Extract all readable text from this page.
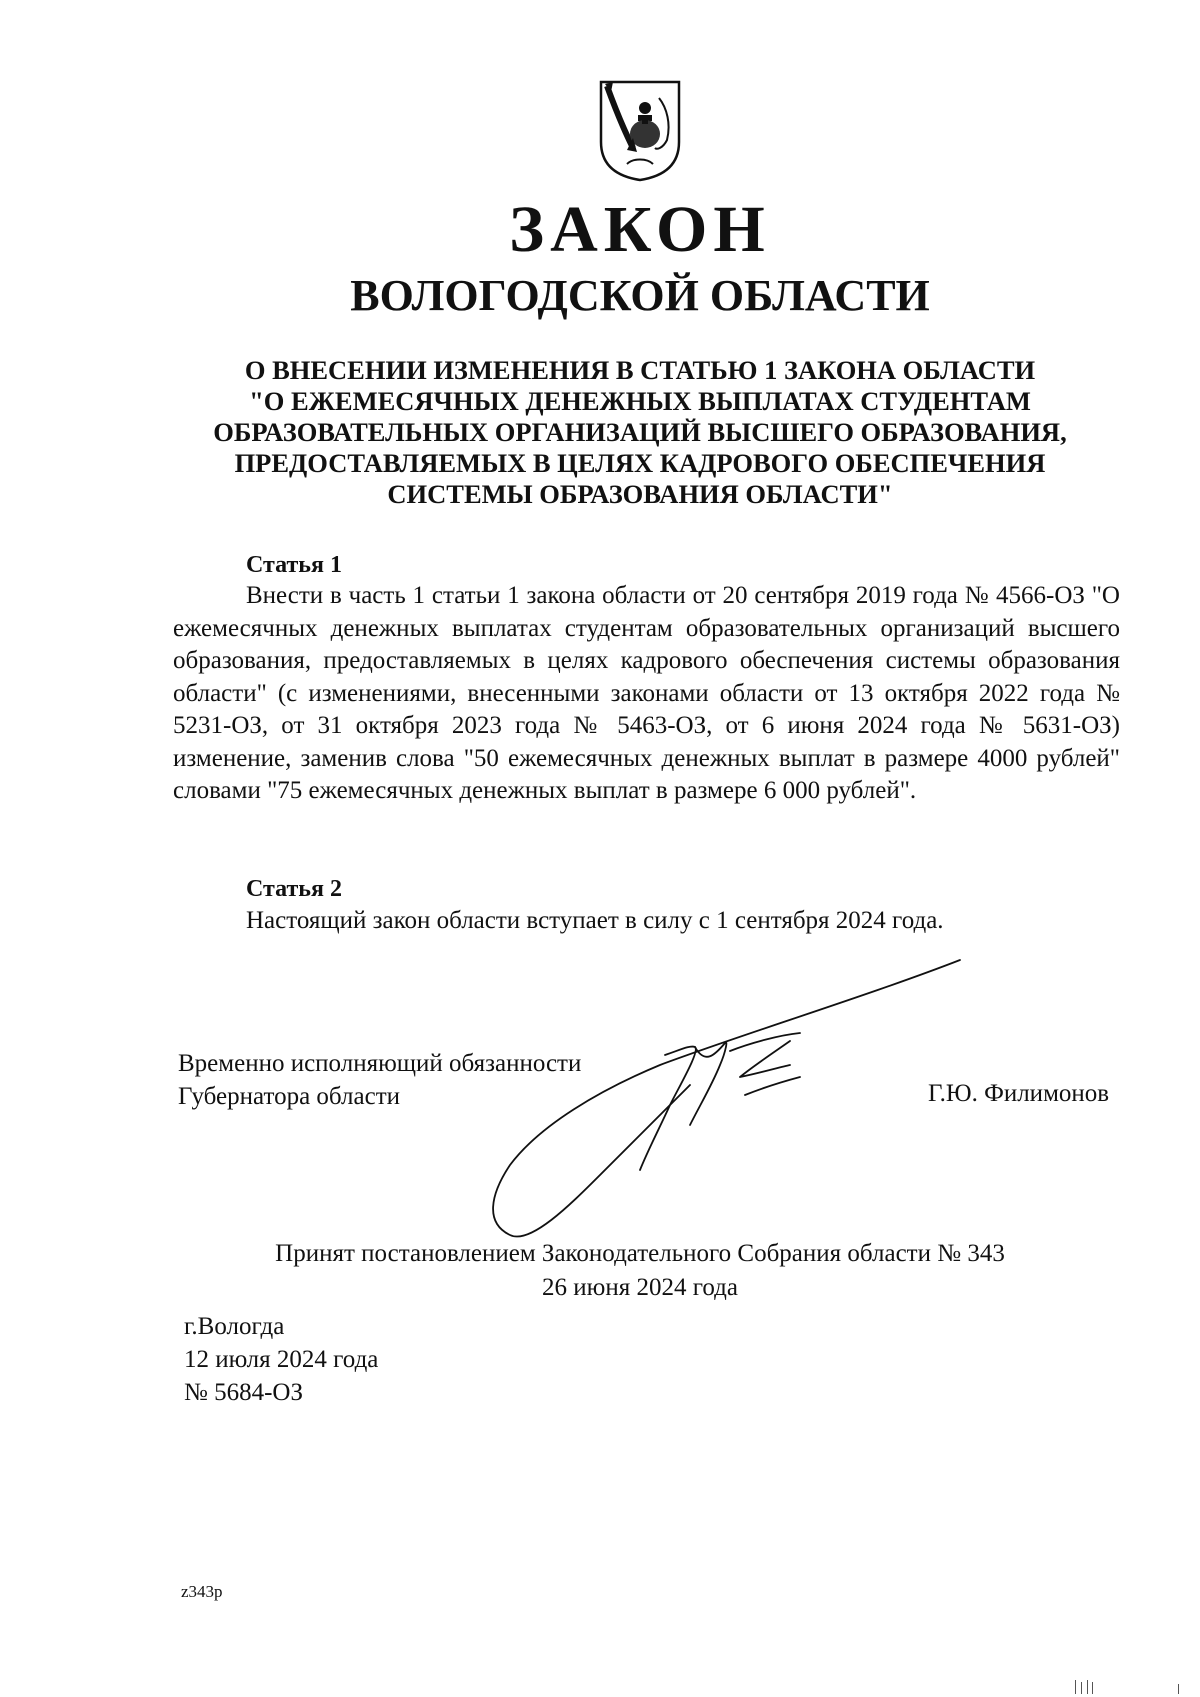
ЗАКОН
ВОЛОГОДСКОЙ ОБЛАСТИ
О ВНЕСЕНИИ ИЗМЕНЕНИЯ В СТАТЬЮ 1 ЗАКОНА ОБЛАСТИ
"О ЕЖЕМЕСЯЧНЫХ ДЕНЕЖНЫХ ВЫПЛАТАХ СТУДЕНТАМ
ОБРАЗОВАТЕЛЬНЫХ ОРГАНИЗАЦИЙ ВЫСШЕГО ОБРАЗОВАНИЯ,
ПРЕДОСТАВЛЯЕМЫХ В ЦЕЛЯХ КАДРОВОГО ОБЕСПЕЧЕНИЯ
СИСТЕМЫ ОБРАЗОВАНИЯ ОБЛАСТИ"
Статья 1

Внести в часть 1 статьи 1 закона области от 20 сентября 2019 года № 4566-ОЗ "О ежемесячных денежных выплатах студентам образовательных организаций высшего образования, предоставляемых в целях кадрового обеспечения системы образования области" (с изменениями, внесенными законами области от 13 октября 2022 года № 5231-ОЗ, от 31 октября 2023 года № 5463-ОЗ, от 6 июня 2024 года № 5631-ОЗ) изменение, заменив слова "50 ежемесячных денежных выплат в размере 4000 рублей" словами "75 ежемесячных денежных выплат в размере 6 000 рублей".

Статья 2

Настоящий закон области вступает в силу с 1 сентября 2024 года.

Временно исполняющий обязанности
Губернатора области	Г.Ю. Филимонов
Принят постановлением Законодательного Собрания области № 343
26 июня 2024 года
г.Вологда
12 июля 2024 года
№ 5684-ОЗ
z343p
